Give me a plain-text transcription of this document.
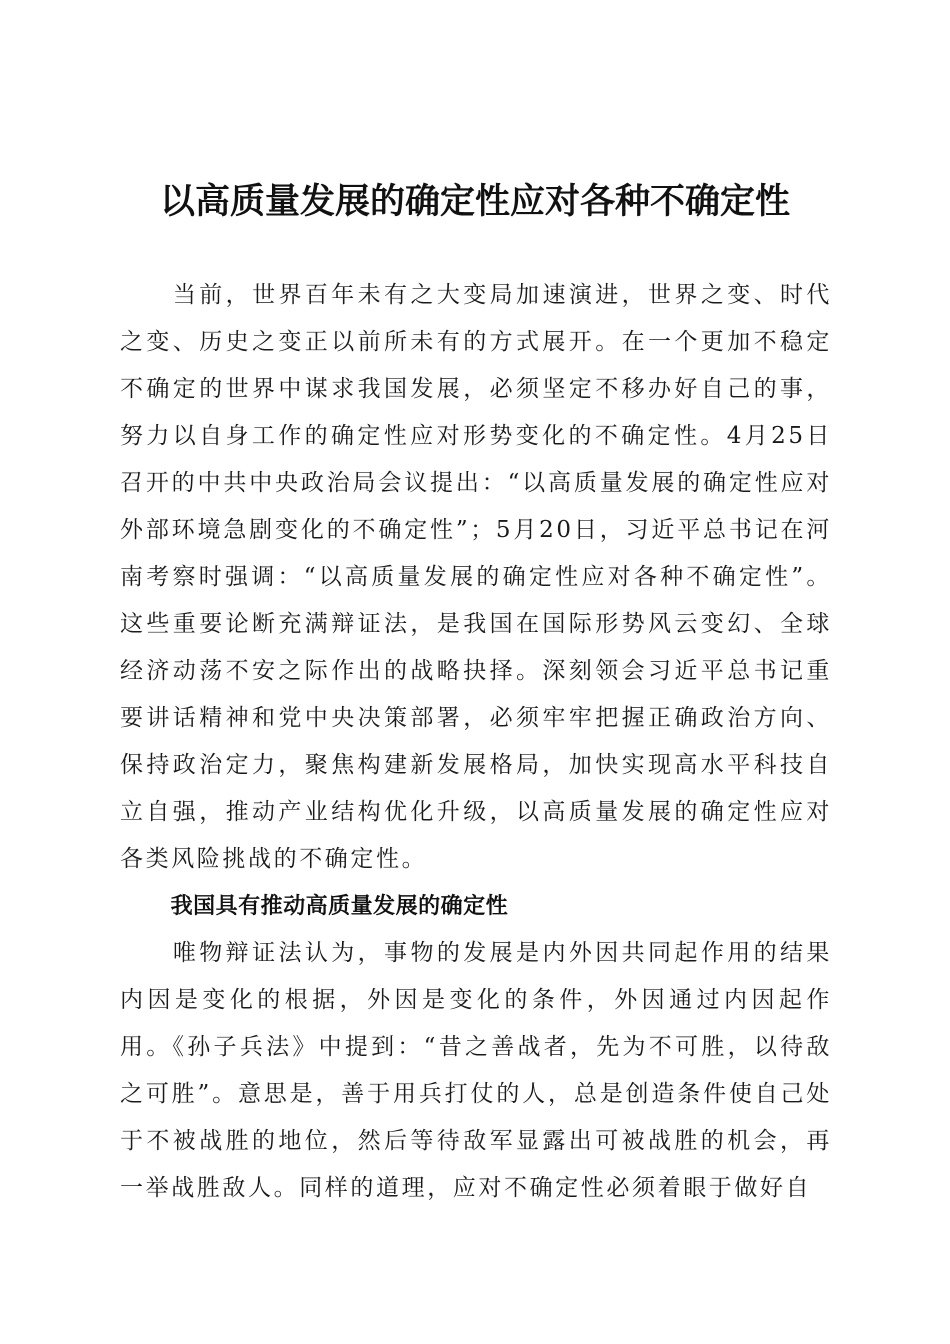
以高质量发展的确定性应对各种不确定性

当前，世界百年未有之大变局加速演进，世界之变、时代之变、历史之变正以前所未有的方式展开。在一个更加不稳定不确定的世界中谋求我国发展，必须坚定不移办好自己的事，努力以自身工作的确定性应对形势变化的不确定性。4月25日召开的中共中央政治局会议提出：“以高质量发展的确定性应对外部环境急剧变化的不确定性”；5月20日，习近平总书记在河南考察时强调：“以高质量发展的确定性应对各种不确定性”。这些重要论断充满辩证法，是我国在国际形势风云变幻、全球经济动荡不安之际作出的战略抉择。深刻领会习近平总书记重要讲话精神和党中央决策部署，必须牢牢把握正确政治方向、保持政治定力，聚焦构建新发展格局，加快实现高水平科技自立自强，推动产业结构优化升级，以高质量发展的确定性应对各类风险挑战的不确定性。

我国具有推动高质量发展的确定性

唯物辩证法认为，事物的发展是内外因共同起作用的结果内因是变化的根据，外因是变化的条件，外因通过内因起作用。《孙子兵法》中提到：“昔之善战者，先为不可胜，以待敌之可胜”。意思是，善于用兵打仗的人，总是创造条件使自己处于不被战胜的地位，然后等待敌军显露出可被战胜的机会，再一举战胜敌人。同样的道理，应对不确定性必须着眼于做好自
